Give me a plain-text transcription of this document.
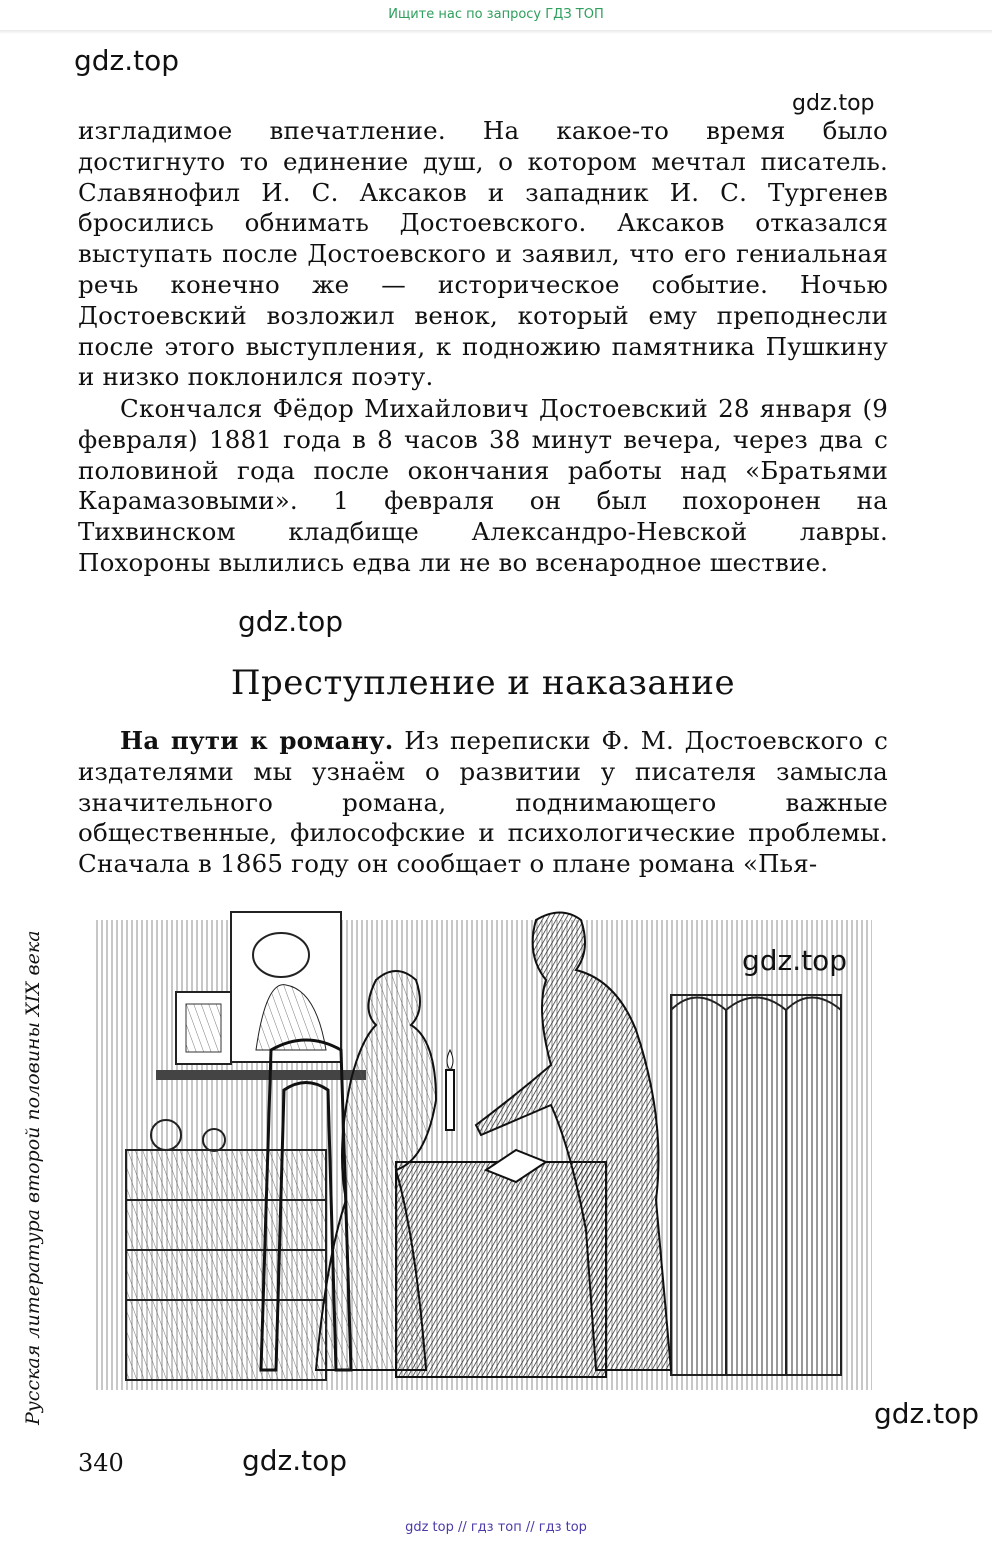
Ищите нас по запросу ГДЗ ТОП
gdz.top
gdz.top

изгладимое впечатление. На какое-то время было достигнуто то единение душ, о котором мечтал писатель. Славянофил И. С. Аксаков и западник И. С. Тургенев бросились обнимать Достоевского. Аксаков отказался выступать после Достоевского и заявил, что его гениальная речь конечно же — историческое событие. Ночью Достоевский возложил венок, который ему преподнесли после этого выступления, к подножию памятника Пушкину и низко поклонился поэту.

Скончался Фёдор Михайлович Достоевский 28 января (9 февраля) 1881 года в 8 часов 38 минут вечера, через два с половиной года после окончания работы над «Братьями Карамазовыми». 1 февраля он был похоронен на Тихвинском кладбище Александро-Невской лавры. Похороны вылились едва ли не во всенародное шествие.

gdz.top
Преступление и наказание

На пути к роману. Из переписки Ф. М. Достоевского с издателями мы узнаём о развитии у писателя замысла значительного романа, поднимающего важные общественные, философские и психологические проблемы. Сначала в 1865 году он сообщает о плане романа «Пья-

gdz.top
gdz.top
gdz.top
Русская литература второй половины XIX века
340
gdz top // гдз топ // гдз top
